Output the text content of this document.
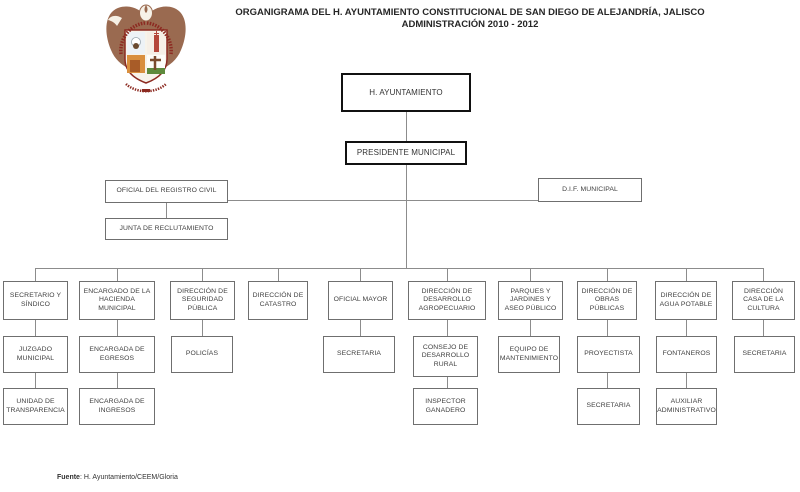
ORGANIGRAMA DEL H. AYUNTAMIENTO CONSTITUCIONAL DE SAN DIEGO DE ALEJANDRÍA, JALISCO
ADMINISTRACIÓN 2010 - 2012
H. AYUNTAMIENTO
PRESIDENTE MUNICIPAL
OFICIAL DEL REGISTRO CIVIL	D.I.F. MUNICIPAL
JUNTA DE RECLUTAMIENTO
SECRETARIO Y SÍNDICO
ENCARGADO DE LA HACIENDA MUNICIPAL
DIRECCIÓN DE SEGURIDAD PÚBLICA
DIRECCIÓN DE CATASTRO
OFICIAL MAYOR
DIRECCIÓN DE DESARROLLO AGROPECUARIO
PARQUES Y JARDINES Y ASEO PÚBLICO
DIRECCIÓN DE OBRAS PÚBLICAS
DIRECCIÓN DE AGUA POTABLE
DIRECCIÓN CASA DE LA CULTURA
JUZGADO MUNICIPAL
ENCARGADA DE EGRESOS
POLICÍAS	SECRETARIA
CONSEJO DE DESARROLLO RURAL
EQUIPO DE MANTENIMIENTO
PROYECTISTA	FONTANEROS	SECRETARIA
UNIDAD DE TRANSPARENCIA
ENCARGADA DE INGRESOS
INSPECTOR GANADERO
SECRETARIA
AUXILIAR ADMINISTRATIVO
Fuente: H. Ayuntamiento/CEEM/Gloria
